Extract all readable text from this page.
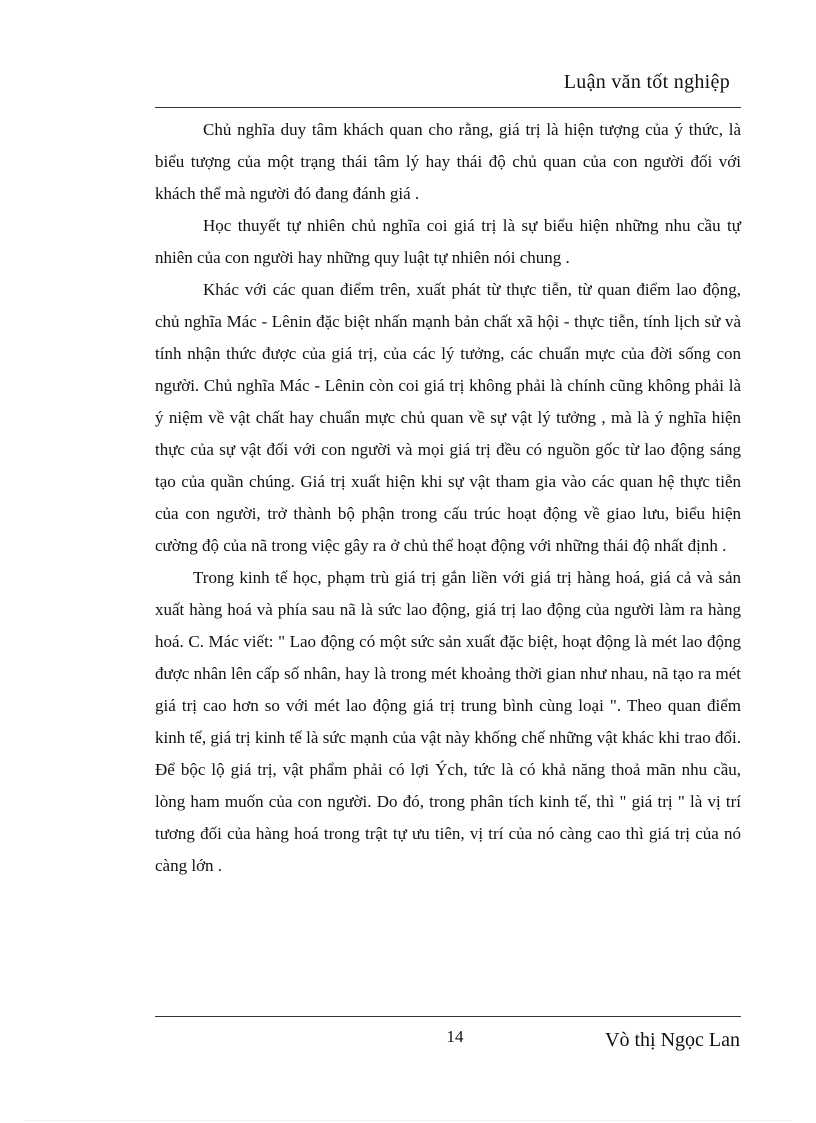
Luận văn tốt nghiệp

Chủ nghĩa duy tâm khách quan cho rằng, giá trị là hiện tượng của ý thức, là biểu tượng của một trạng thái tâm lý hay thái độ chủ quan của con người đối với khách thể mà người đó đang đánh giá .

Học thuyết tự nhiên chủ nghĩa coi giá trị là sự biểu hiện những nhu cầu tự nhiên của con người hay những quy luật tự nhiên nói chung .

Khác với các quan điểm trên, xuất phát từ thực tiễn, từ quan điểm lao động, chủ nghĩa Mác - Lênin đặc biệt nhấn mạnh bản chất xã hội - thực tiễn, tính lịch sử và tính nhận thức được của giá trị, của các lý tưởng, các chuẩn mực của đời sống con người. Chủ nghĩa Mác - Lênin còn coi giá trị không phải là chính cũng không phải là ý niệm về vật chất hay chuẩn mực chủ quan về sự vật lý tưởng , mà là ý nghĩa hiện thực của sự vật đối với con người và mọi giá trị đều có nguồn gốc từ lao động sáng tạo của quần chúng. Giá trị xuất hiện khi sự vật tham gia vào các quan hệ thực tiễn của con người, trở thành bộ phận trong cấu trúc hoạt động về giao lưu, biểu hiện cường độ của nã trong việc gây ra ở chủ thể hoạt động với những thái độ nhất định .

Trong kinh tế học, phạm trù giá trị gắn liền với giá trị hàng hoá, giá cả và sản xuất hàng hoá và phía sau nã là sức lao động, giá trị lao động của người làm ra hàng hoá. C. Mác viết: " Lao động có một sức sản xuất đặc biệt, hoạt động là mét lao động được nhân lên cấp số nhân, hay là trong mét khoảng thời gian như nhau, nã tạo ra mét giá trị cao hơn so với mét lao động giá trị trung bình cùng loại ". Theo quan điểm kinh tế, giá trị kinh tế là sức mạnh của vật này khống chế những vật khác khi trao đổi. Để bộc lộ giá trị, vật phẩm phải có lợi Ých, tức là có khả năng thoả mãn nhu cầu, lòng ham muốn của con người. Do đó, trong phân tích kinh tế, thì " giá trị " là vị trí tương đối của hàng hoá trong trật tự ưu tiên, vị trí của nó càng cao thì giá trị của nó càng lớn .

14	Vò thị Ngọc Lan
